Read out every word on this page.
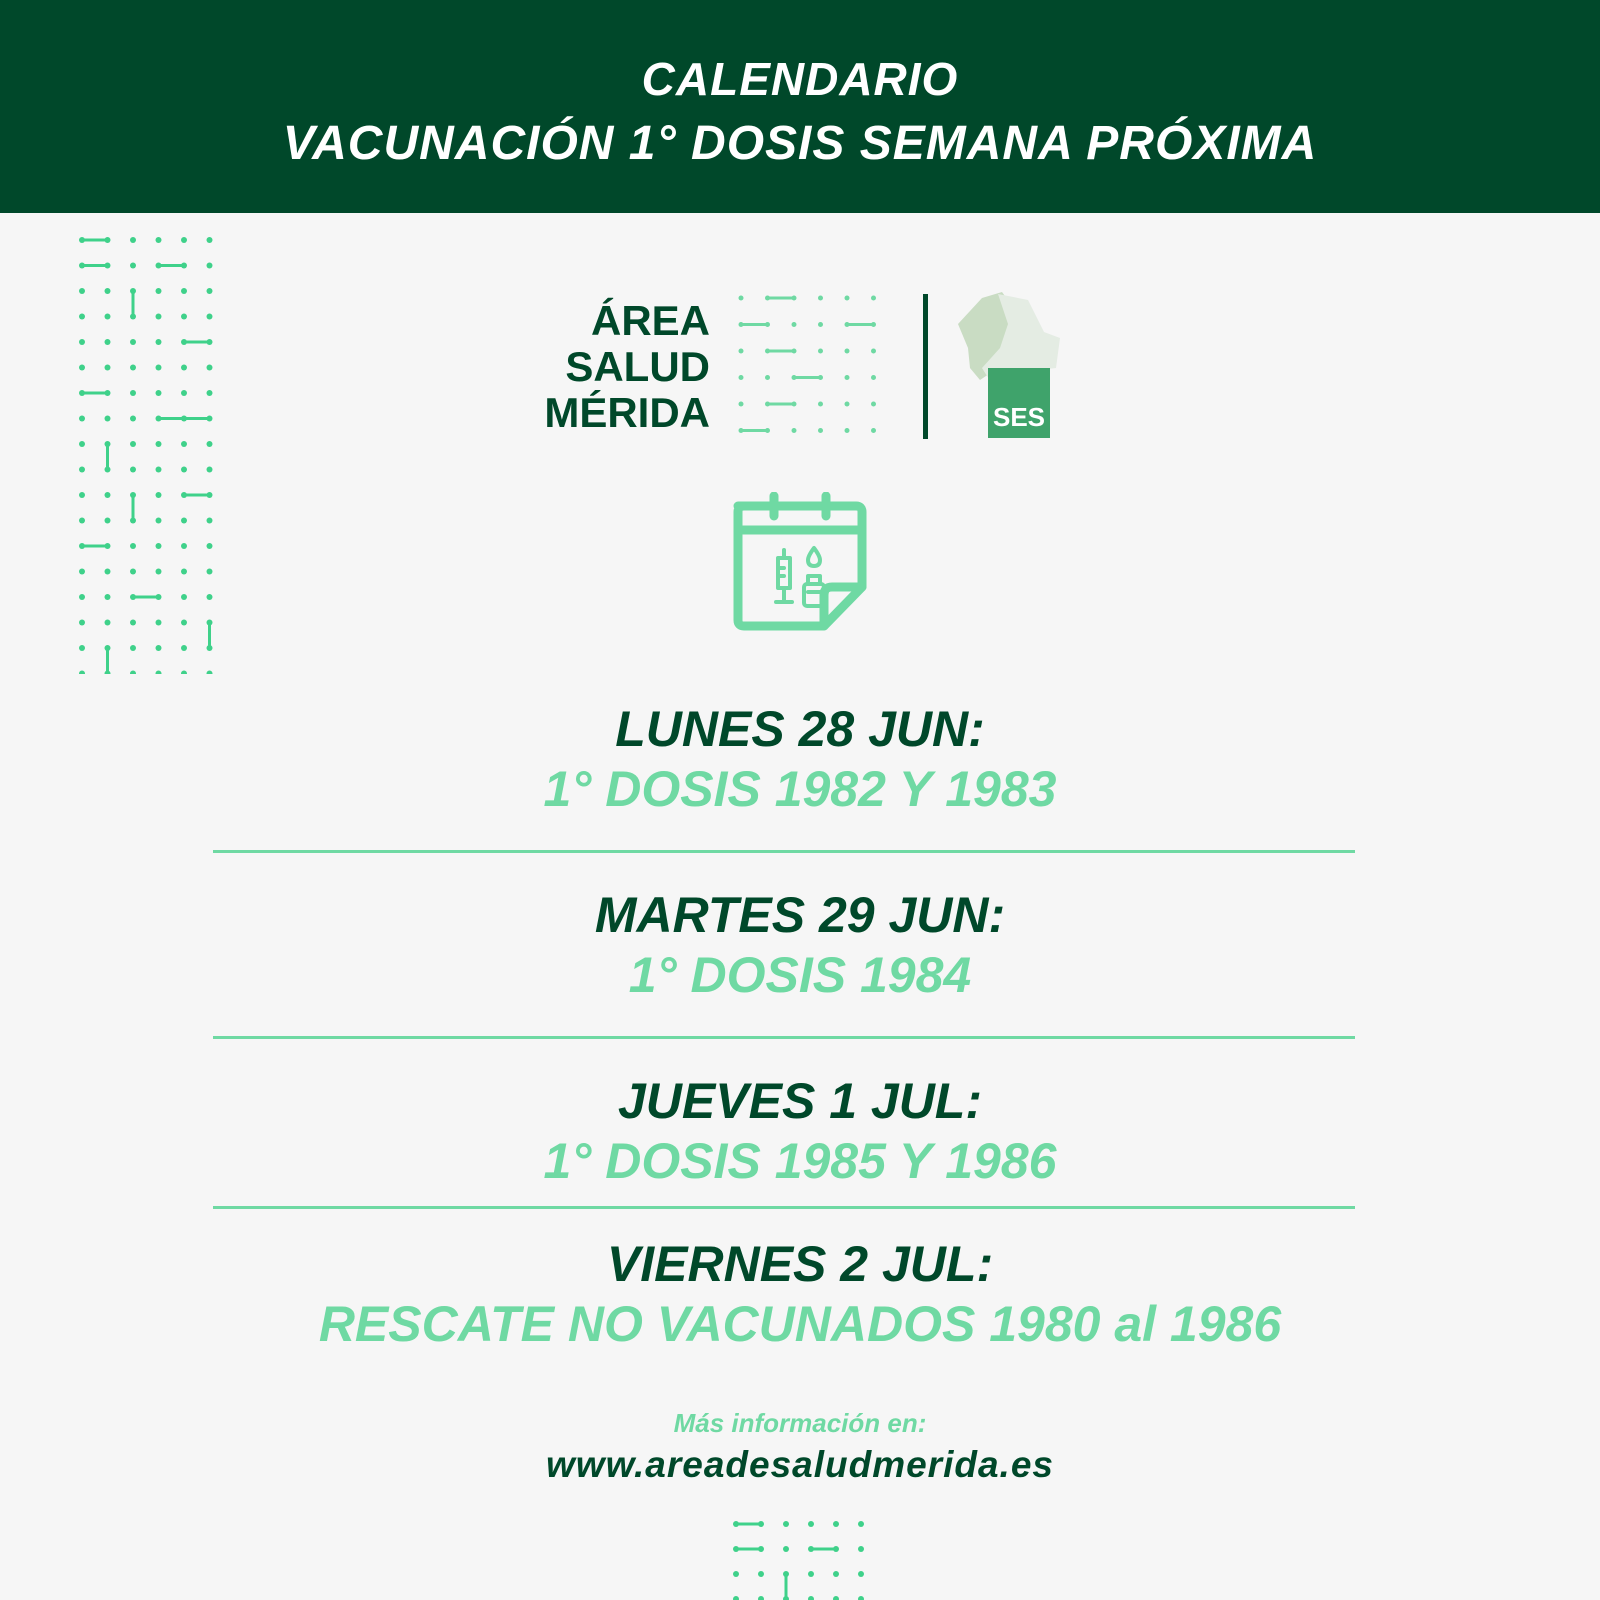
CALENDARIO
VACUNACIÓN 1° DOSIS SEMANA PRÓXIMA
ÁREA
SALUD
MÉRIDA	SES
LUNES 28 JUN:
1° DOSIS 1982 Y 1983
MARTES 29 JUN:
1° DOSIS 1984
JUEVES 1 JUL:
1° DOSIS 1985 Y 1986
VIERNES 2 JUL:
RESCATE NO VACUNADOS 1980 al 1986
Más información en:
www.areadesaludmerida.es
